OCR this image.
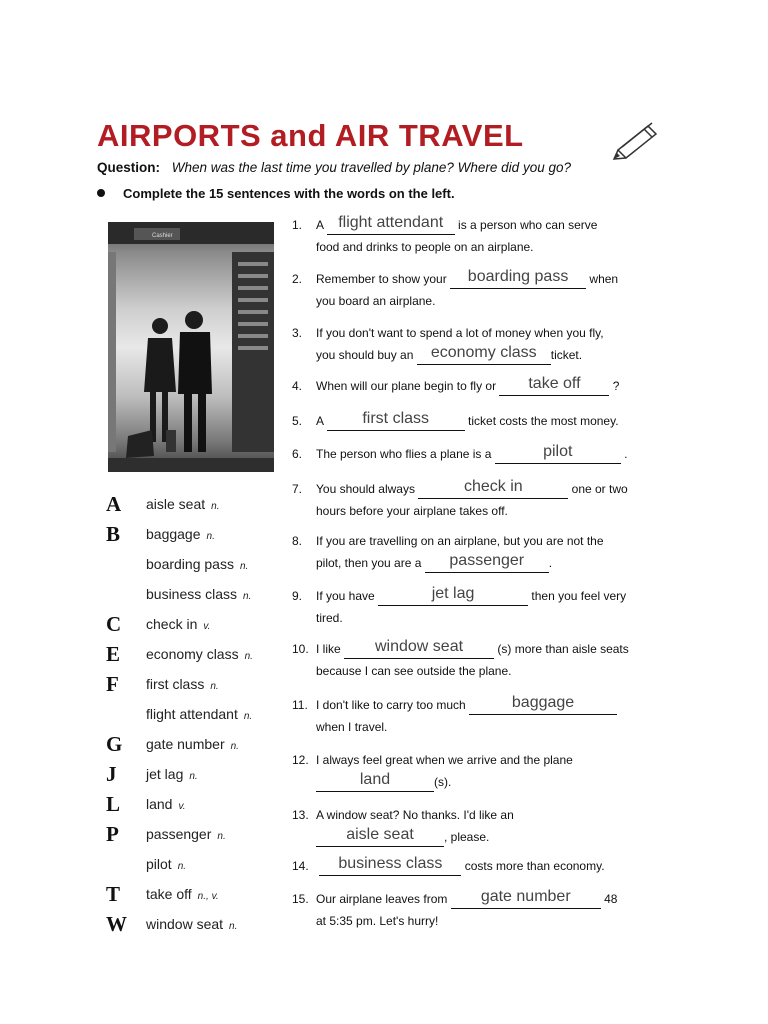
AIRPORTS and AIR TRAVEL
Question: When was the last time you travelled by plane? Where did you go?
Complete the 15 sentences with the words on the left.
Cashier
A aisle seat n.
B baggage n.
boarding pass n.
business class n.
C check in v.
E economy class n.
F first class n.
flight attendant n.
G gate number n.
J jet lag n.
L land v.
P passenger n.
pilot n.
T take off n., v.
W window seat n.
1. A flight attendant is a person who can serve
food and drinks to people on an airplane.
2. Remember to show your boarding pass when
you board an airplane.
3. If you don't want to spend a lot of money when you fly,
you should buy an economy class ticket.
4. When will our plane begin to fly or take off	?
5. A first class	ticket costs the most money.
6. The person who flies a plane is a	pilot	.
7. You should always	check in	one or two
hours before your airplane takes off.
8. If you are travelling on an airplane, but you are not the
pilot, then you are a passenger .
9. If you have	jet lag	then you feel very
tired.
10. I like window seat	(s) more than aisle seats
because I can see outside the plane.
11. I don't like to carry too much	baggage
when I travel.
12. I always feel great when we arrive and the plane
land	(s).
13. A window seat? No thanks. I'd like an
aisle seat	, please.
14. business class costs more than economy.
15. Our airplane leaves from gate number	48
at 5:35 pm. Let's hurry!
